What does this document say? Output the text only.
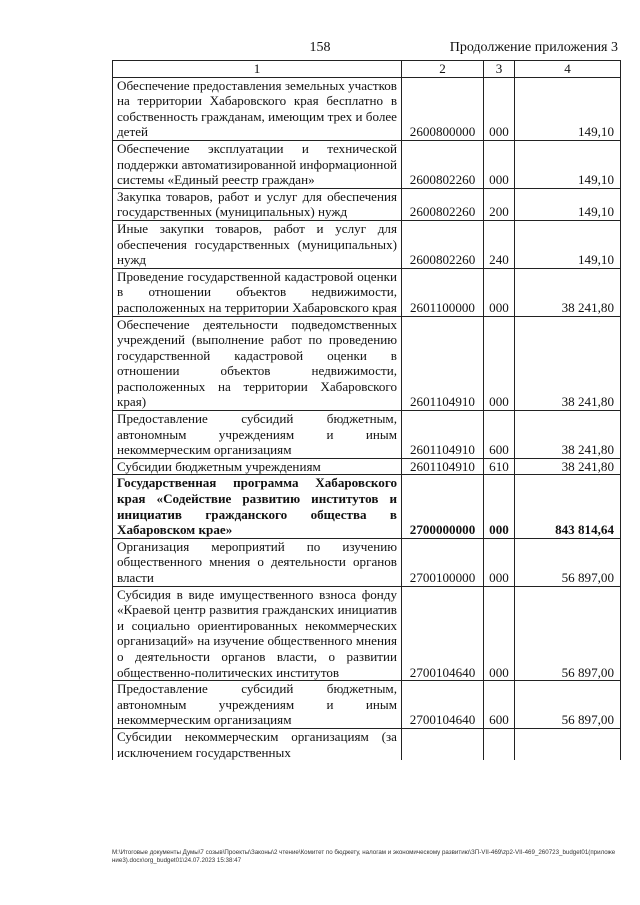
158	Продолжение приложения 3
1	2	3	4
Обеспечение предоставления земельных участков на территории Хабаровского края бесплатно в собственность гражданам, имеющим трех и более детей	2600800000	000	149,10
Обеспечение эксплуатации и технической поддержки автоматизированной информационной системы «Единый реестр граждан»	2600802260	000	149,10
Закупка товаров, работ и услуг для обеспечения государственных (муниципальных) нужд	2600802260	200	149,10
Иные закупки товаров, работ и услуг для обеспечения государственных (муниципальных) нужд	2600802260	240	149,10
Проведение государственной кадастровой оценки в отношении объектов недвижимости, расположенных на территории Хабаровского края	2601100000	000	38 241,80
Обеспечение деятельности подведомственных учреждений (выполнение работ по проведению государственной кадастровой оценки в отношении объектов недвижимости, расположенных на территории Хабаровского края)	2601104910	000	38 241,80
Предоставление субсидий бюджетным, автономным учреждениям и иным некоммерческим организациям	2601104910	600	38 241,80
Субсидии бюджетным учреждениям	2601104910	610	38 241,80
Государственная программа Хабаровского края «Содействие развитию институтов и инициатив гражданского общества в Хабаровском крае»	2700000000	000	843 814,64
Организация мероприятий по изучению общественного мнения о деятельности органов власти	2700100000	000	56 897,00
Субсидия в виде имущественного взноса фонду «Краевой центр развития гражданских инициатив и социально ориентированных некоммерческих организаций» на изучение общественного мнения о деятельности органов власти, о развитии общественно-политических институтов	2700104640	000	56 897,00
Предоставление субсидий бюджетным, автономным учреждениям и иным некоммерческим организациям	2700104640	600	56 897,00
Субсидии некоммерческим организациям (за исключением государственных			
M:\Итоговые документы Думы\7 созыв\Проекты\Законы\2 чтение\Комитет по бюджету, налогам и экономическому развитию\ЗП-VII-469\zp2-VII-469_260723_budget01(приложение3).docx\org_budget01\24.07.2023 15:38:47
